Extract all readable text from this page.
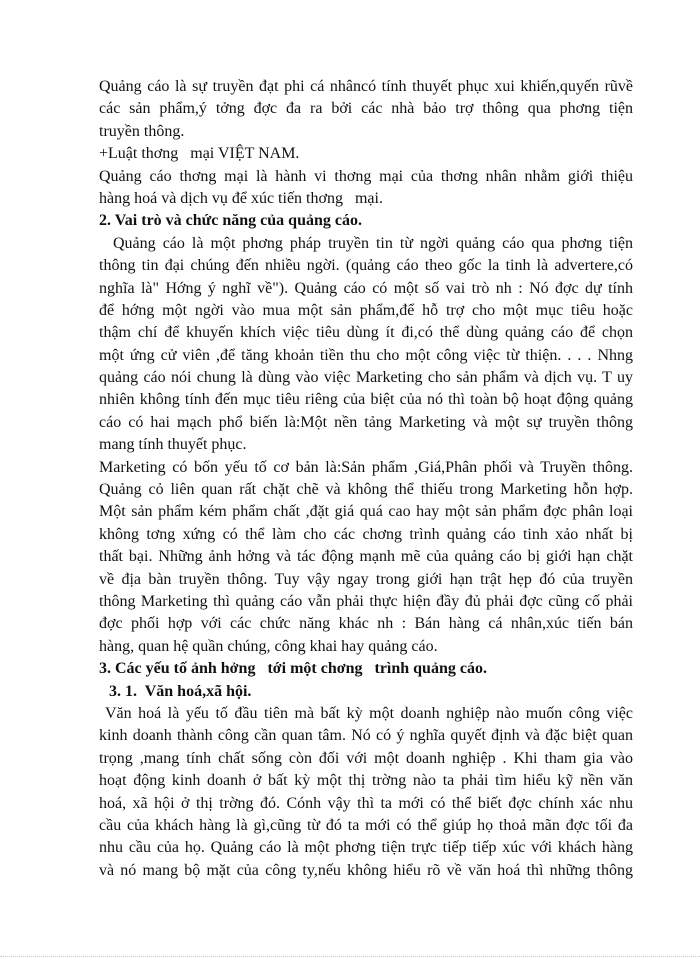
Quảng cáo là sự truyền đạt phi cá nhâncó tính thuyết phục xui khiến,quyến rũvề
các sản phẩm,ý tởng đợc đa ra bởi các nhà bảo trợ thông qua phơng tiện
truyền thông.
+Luật thơng   mại VIỆT NAM.
Quảng cáo thơng mại là hành vi thơng mại của thơng nhân nhằm giới thiệu
hàng hoá và dịch vụ để xúc tiến thơng   mại.
2. Vai trò và chức năng của quảng cáo.
Quảng cáo là một phơng pháp truyền tin từ ngời quảng cáo qua phơng tiện
thông tin đại chúng đến nhiều ngời. (quảng cáo theo gốc la tinh là advertere,có
nghĩa là" Hớng ý nghĩ về"). Quảng cáo có một số vai trò nh : Nó đợc dự tính
để hớng một ngời vào mua một sản phẩm,để hỗ trợ cho một mục tiêu hoặc
thậm chí để khuyến khích việc tiêu dùng ít đi,có thể dùng quảng cáo để chọn
một ứng cử viên ,để tăng khoản tiền thu cho một công việc từ thiện. . . . Nhng
quảng cáo nói chung là dùng vào việc Marketing cho sản phẩm và dịch vụ. T uy
nhiên không tính đến mục tiêu riêng của biệt của nó thì toàn bộ hoạt động quảng
cáo có hai mạch phổ biến là:Một nền tảng Marketing và một sự truyền thông
mang tính thuyết phục.
Marketing có bốn yếu tố cơ bản là:Sản phẩm ,Giá,Phân phối và Truyền thông.
Quảng cỏ liên quan rất chặt chẽ và không thể thiếu trong Marketing hỗn hợp.
Một sản phẩm kém phẩm chất ,đặt giá quá cao hay một sản phẩm đợc phân loại
không tơng xứng có thể làm cho các chơng trình quảng cáo tinh xảo nhất bị
thất bại. Những ảnh hởng và tác động mạnh mẽ của quảng cáo bị giới hạn chặt
về địa bàn truyền thông. Tuy vậy ngay trong giới hạn trật hẹp đó của truyền
thông Marketing thì quảng cáo vẫn phải thực hiện đầy đủ phải đợc cũng cố phải
đợc phối hợp với các chức năng khác nh : Bán hàng cá nhân,xúc tiến bán
hàng, quan hệ quần chúng, công khai hay quảng cáo.
3. Các yếu tố ảnh hởng   tới một chơng   trình quảng cáo.
3. 1.  Văn hoá,xã hội.
Văn hoá là yếu tố đầu tiên mà bất kỳ một doanh nghiệp nào muốn công việc
kinh doanh thành công cần quan tâm. Nó có ý nghĩa quyết định và đặc biệt quan
trọng ,mang tính chất sống còn đối với một doanh nghiệp . Khi tham gia vào
hoạt động kinh doanh ở bất kỳ một thị trờng nào ta phải tìm hiểu kỹ nền văn
hoá, xã hội ở thị trờng đó. Cónh vậy thì ta mới có thể biết đợc chính xác nhu
cầu của khách hàng là gì,cũng từ đó ta mới có thể giúp họ thoả mãn đợc tối đa
nhu cầu của họ. Quảng cáo là một phơng tiện trực tiếp tiếp xúc với khách hàng
và nó mang bộ mặt của công ty,nếu không hiểu rõ về văn hoá thì những thông
